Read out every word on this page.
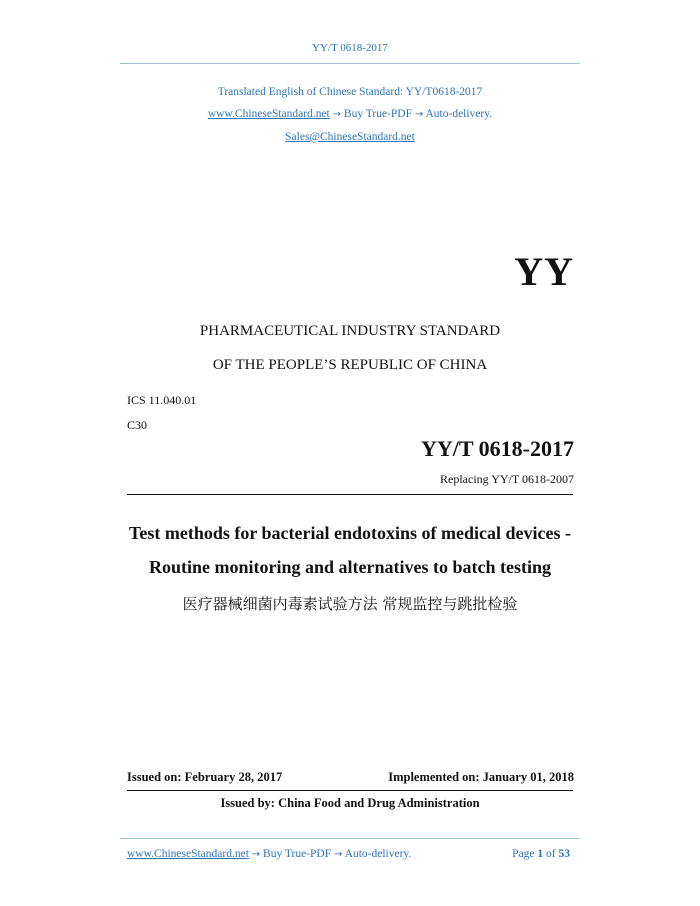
YY/T 0618-2017
Translated English of Chinese Standard: YY/T0618-2017
www.ChineseStandard.net → Buy True-PDF → Auto-delivery.
Sales@ChineseStandard.net
YY
PHARMACEUTICAL INDUSTRY STANDARD
OF THE PEOPLE’S REPUBLIC OF CHINA
ICS 11.040.01
C30
YY/T 0618-2017
Replacing YY/T 0618-2007
Test methods for bacterial endotoxins of medical devices -
Routine monitoring and alternatives to batch testing
医疗器械细菌内毒素试验方法 常规监控与跳批检验
Issued on: February 28, 2017	Implemented on: January 01, 2018
Issued by: China Food and Drug Administration
www.ChineseStandard.net → Buy True-PDF → Auto-delivery.	Page 1 of 53
